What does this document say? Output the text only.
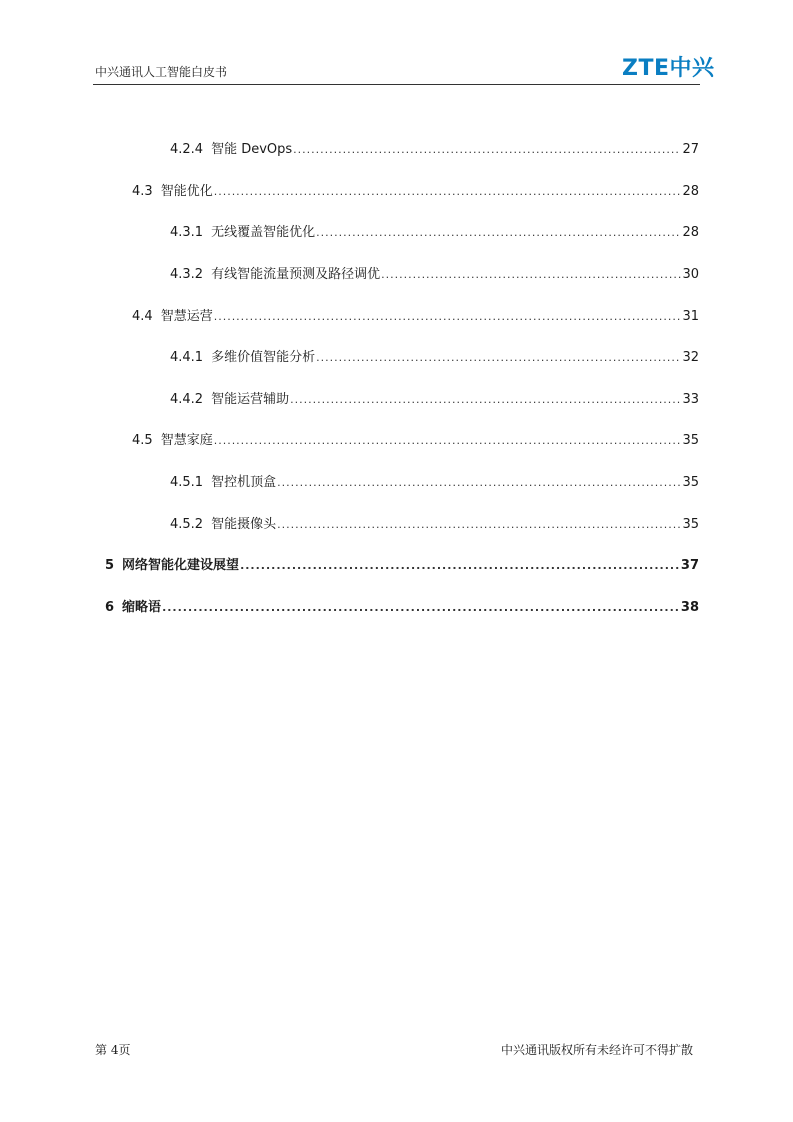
中兴通讯人工智能白皮书	ZTE中兴
4.2.4 智能 DevOps .....	27
4.3 智能优化 .....	28
4.3.1 无线覆盖智能优化 .....	28
4.3.2 有线智能流量预测及路径调优 .....	30
4.4 智慧运营 .....	31
4.4.1 多维价值智能分析 .....	32
4.4.2 智能运营辅助 .....	33
4.5 智慧家庭 .....	35
4.5.1 智控机顶盒 .....	35
4.5.2 智能摄像头 .....	35
5 网络智能化建设展望 .....	37
6 缩略语 .....	38
第 4页	中兴通讯版权所有未经许可不得扩散
